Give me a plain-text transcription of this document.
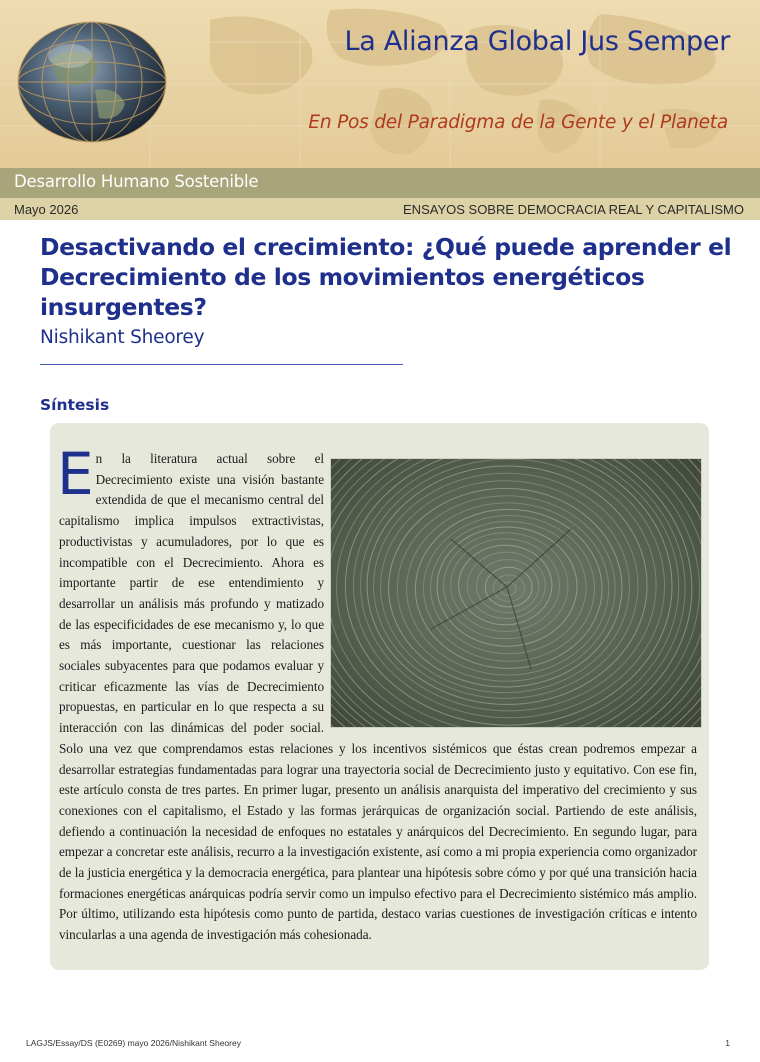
La Alianza Global Jus Semper
En Pos del Paradigma de la Gente y el Planeta
Desarrollo Humano Sostenible
Mayo 2026	ENSAYOS SOBRE DEMOCRACIA REAL Y CAPITALISMO
Desactivando el crecimiento: ¿Qué puede aprender el Decrecimiento de los movimientos energéticos insurgentes?
Nishikant Sheorey
Síntesis

E n la literatura actual sobre el Decrecimiento existe una visión bastante extendida de que el mecanismo central del capitalismo implica impulsos extractivistas, productivistas y acumuladores, por lo que es incompatible con el Decrecimiento. Ahora es importante partir de ese entendimiento y desarrollar un análisis más profundo y matizado de las especificidades de ese mecanismo y, lo que es más importante, cuestionar las relaciones sociales subyacentes para que podamos evaluar y criticar eficazmente las vías de Decrecimiento propuestas, en particular en lo que respecta a su interacción con las dinámicas del poder social. Solo una vez que comprendamos estas relaciones y los incentivos sistémicos que éstas crean podremos empezar a desarrollar estrategias fundamentadas para lograr una trayectoria social de Decrecimiento justo y equitativo. Con ese fin, este artículo consta de tres partes. En primer lugar, presento un análisis anarquista del imperativo del crecimiento y sus conexiones con el capitalismo, el Estado y las formas jerárquicas de organización social. Partiendo de este análisis, defiendo a continuación la necesidad de enfoques no estatales y anárquicos del Decrecimiento. En segundo lugar, para empezar a concretar este análisis, recurro a la investigación existente, así como a mi propia experiencia como organizador de la justicia energética y la democracia energética, para plantear una hipótesis sobre cómo y por qué una transición hacia formaciones energéticas anárquicas podría servir como un impulso efectivo para el Decrecimiento sistémico más amplio. Por último, utilizando esta hipótesis como punto de partida, destaco varias cuestiones de investigación críticas e intento vincularlas a una agenda de investigación más cohesionada.

LAGJS/Essay/DS (E0269) mayo 2026/Nishikant Sheorey	1
